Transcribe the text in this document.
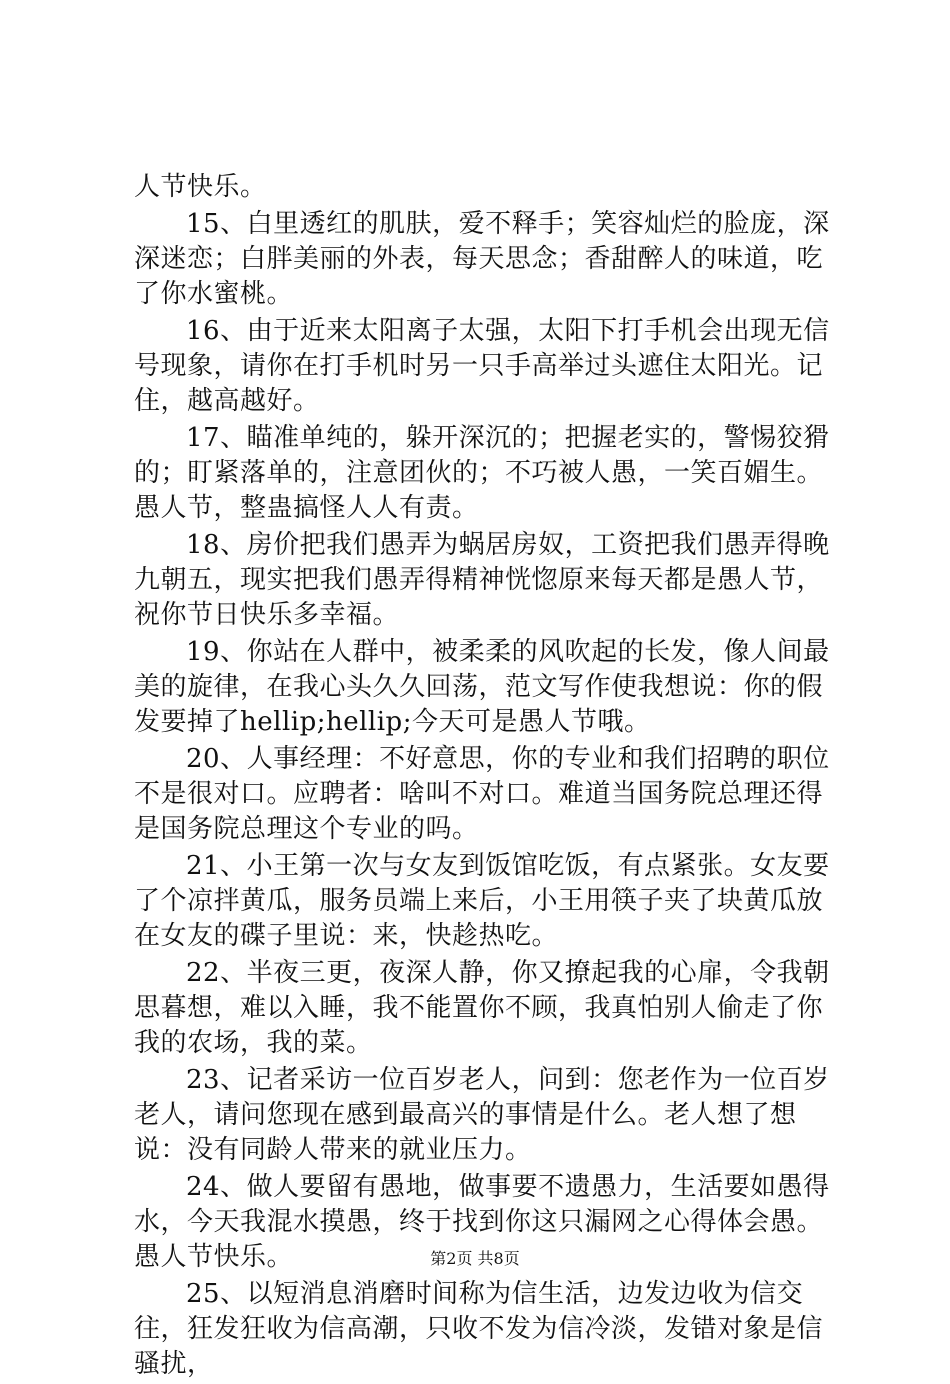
人节快乐。

15、白里透红的肌肤，爱不释手；笑容灿烂的脸庞，深深迷恋；白胖美丽的外表，每天思念；香甜醉人的味道，吃了你水蜜桃。

16、由于近来太阳离子太强，太阳下打手机会出现无信号现象，请你在打手机时另一只手高举过头遮住太阳光。记住，越高越好。

17、瞄准单纯的，躲开深沉的；把握老实的，警惕狡猾的；盯紧落单的，注意团伙的；不巧被人愚，一笑百媚生。愚人节，整蛊搞怪人人有责。

18、房价把我们愚弄为蜗居房奴，工资把我们愚弄得晚九朝五，现实把我们愚弄得精神恍惚原来每天都是愚人节，祝你节日快乐多幸福。

19、你站在人群中，被柔柔的风吹起的长发，像人间最美的旋律，在我心头久久回荡，范文写作使我想说：你的假发要掉了hellip;hellip;今天可是愚人节哦。

20、人事经理：不好意思，你的专业和我们招聘的职位不是很对口。应聘者：啥叫不对口。难道当国务院总理还得是国务院总理这个专业的吗。

21、小王第一次与女友到饭馆吃饭，有点紧张。女友要了个凉拌黄瓜，服务员端上来后，小王用筷子夹了块黄瓜放在女友的碟子里说：来，快趁热吃。

22、半夜三更，夜深人静，你又撩起我的心扉，令我朝思暮想，难以入睡，我不能置你不顾，我真怕别人偷走了你我的农场，我的菜。

23、记者采访一位百岁老人，问到：您老作为一位百岁老人，请问您现在感到最高兴的事情是什么。老人想了想说：没有同龄人带来的就业压力。

24、做人要留有愚地，做事要不遗愚力，生活要如愚得水，今天我混水摸愚，终于找到你这只漏网之心得体会愚。愚人节快乐。

25、以短消息消磨时间称为信生活，边发边收为信交往，狂发狂收为信高潮，只收不发为信冷淡，发错对象是信骚扰，

第2页 共8页
